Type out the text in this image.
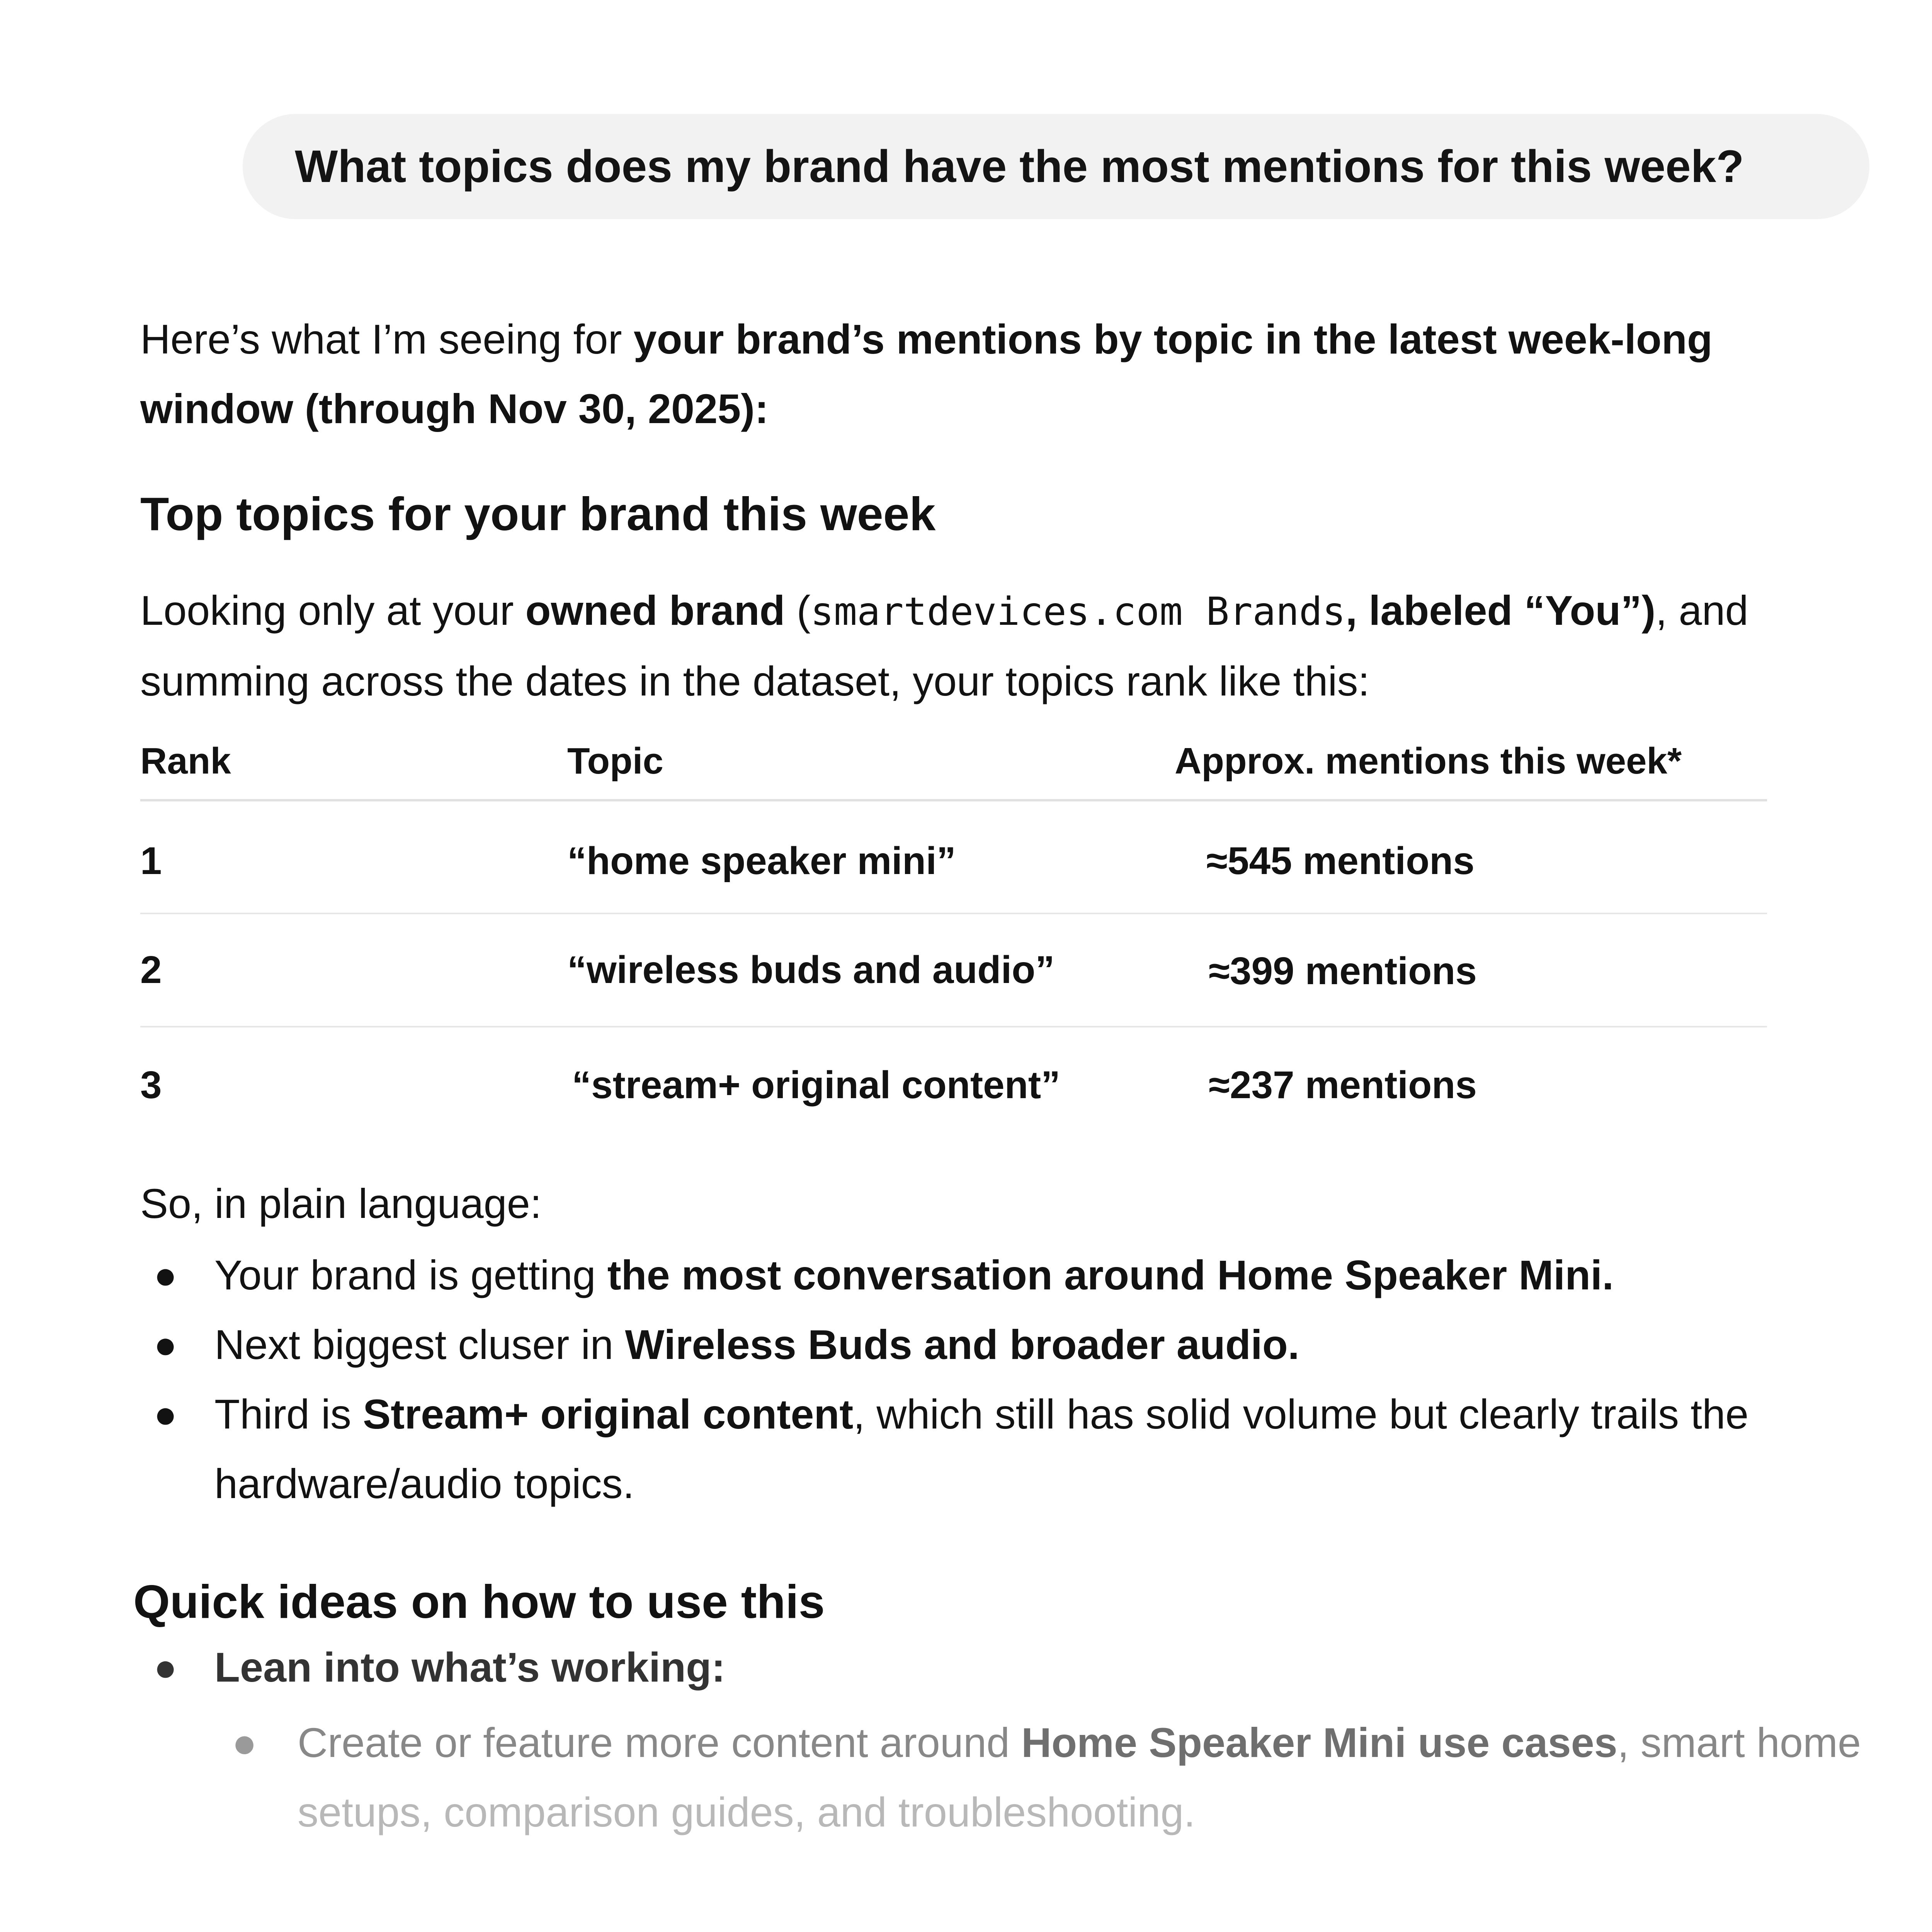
What topics does my brand have the most mentions for this week?
Here’s what I’m seeing for your brand’s mentions by topic in the latest week-long window (through Nov 30, 2025):
Top topics for your brand this week
Looking only at your owned brand (smartdevices.com Brands, labeled “You”), and summing across the dates in the dataset, your topics rank like this:
Rank	Topic	Approx. mentions this week*
1	“home speaker mini”	≈545 mentions
2	“wireless buds and audio”	≈399 mentions
3	“stream+ original content”	≈237 mentions
So, in plain language:
● Your brand is getting the most conversation around Home Speaker Mini.
● Next biggest cluser in Wireless Buds and broader audio.
● Third is Stream+ original content, which still has solid volume but clearly trails the hardware/audio topics.
Quick ideas on how to use this
● Lean into what’s working:
● Create or feature more content around Home Speaker Mini use cases, smart home
setups, comparison guides, and troubleshooting.
